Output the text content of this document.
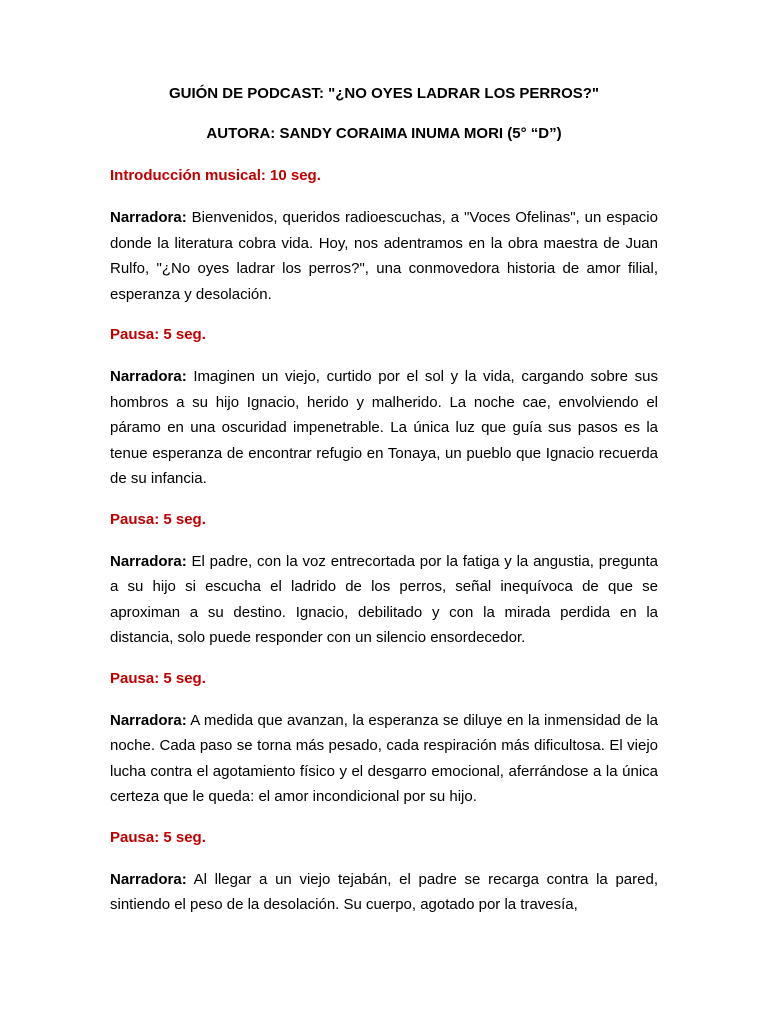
GUIÓN DE PODCAST: "¿NO OYES LADRAR LOS PERROS?"

AUTORA: SANDY CORAIMA INUMA MORI (5° “D”)

Introducción musical: 10 seg.

Narradora: Bienvenidos, queridos radioescuchas, a "Voces Ofelinas", un espacio donde la literatura cobra vida. Hoy, nos adentramos en la obra maestra de Juan Rulfo, "¿No oyes ladrar los perros?", una conmovedora historia de amor filial, esperanza y desolación.

Pausa: 5 seg.

Narradora: Imaginen un viejo, curtido por el sol y la vida, cargando sobre sus hombros a su hijo Ignacio, herido y malherido. La noche cae, envolviendo el páramo en una oscuridad impenetrable. La única luz que guía sus pasos es la tenue esperanza de encontrar refugio en Tonaya, un pueblo que Ignacio recuerda de su infancia.

Pausa: 5 seg.

Narradora: El padre, con la voz entrecortada por la fatiga y la angustia, pregunta a su hijo si escucha el ladrido de los perros, señal inequívoca de que se aproximan a su destino. Ignacio, debilitado y con la mirada perdida en la distancia, solo puede responder con un silencio ensordecedor.

Pausa: 5 seg.

Narradora: A medida que avanzan, la esperanza se diluye en la inmensidad de la noche. Cada paso se torna más pesado, cada respiración más dificultosa. El viejo lucha contra el agotamiento físico y el desgarro emocional, aferrándose a la única certeza que le queda: el amor incondicional por su hijo.

Pausa: 5 seg.

Narradora: Al llegar a un viejo tejabán, el padre se recarga contra la pared, sintiendo el peso de la desolación. Su cuerpo, agotado por la travesía,
